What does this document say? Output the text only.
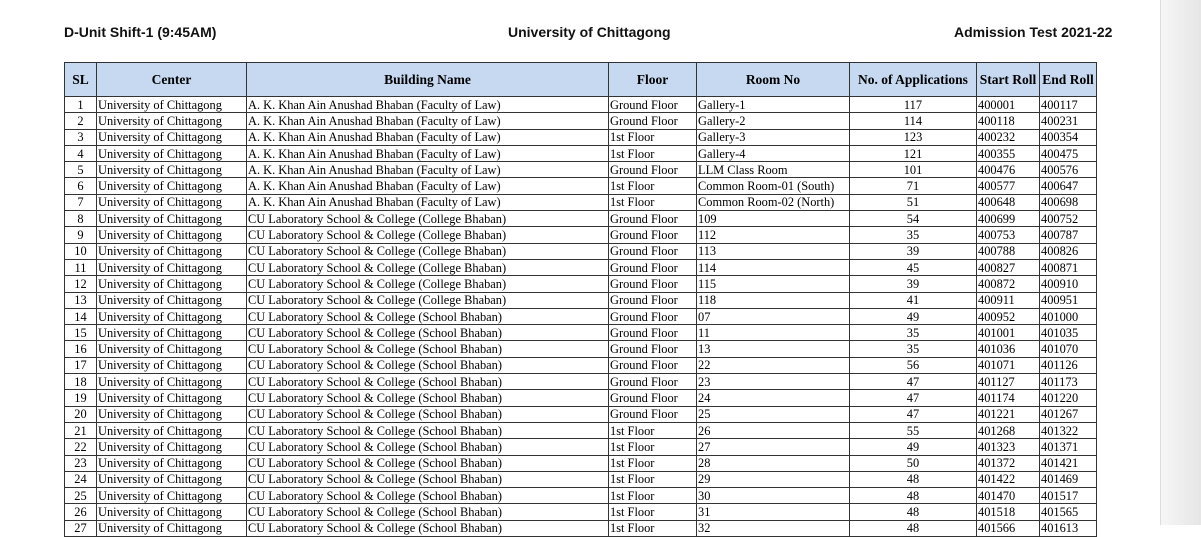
D-Unit Shift-1 (9:45AM)	University of Chittagong	Admission Test 2021-22
SL	Center	Building Name	Floor	Room No	No. of Applications	Start Roll	End Roll
1	University of Chittagong	A. K. Khan Ain Anushad Bhaban (Faculty of Law)	Ground Floor	Gallery-1	117	400001	400117
2	University of Chittagong	A. K. Khan Ain Anushad Bhaban (Faculty of Law)	Ground Floor	Gallery-2	114	400118	400231
3	University of Chittagong	A. K. Khan Ain Anushad Bhaban (Faculty of Law)	1st Floor	Gallery-3	123	400232	400354
4	University of Chittagong	A. K. Khan Ain Anushad Bhaban (Faculty of Law)	1st Floor	Gallery-4	121	400355	400475
5	University of Chittagong	A. K. Khan Ain Anushad Bhaban (Faculty of Law)	Ground Floor	LLM Class Room	101	400476	400576
6	University of Chittagong	A. K. Khan Ain Anushad Bhaban (Faculty of Law)	1st Floor	Common Room-01 (South)	71	400577	400647
7	University of Chittagong	A. K. Khan Ain Anushad Bhaban (Faculty of Law)	1st Floor	Common Room-02 (North)	51	400648	400698
8	University of Chittagong	CU Laboratory School & College (College Bhaban)	Ground Floor	109	54	400699	400752
9	University of Chittagong	CU Laboratory School & College (College Bhaban)	Ground Floor	112	35	400753	400787
10	University of Chittagong	CU Laboratory School & College (College Bhaban)	Ground Floor	113	39	400788	400826
11	University of Chittagong	CU Laboratory School & College (College Bhaban)	Ground Floor	114	45	400827	400871
12	University of Chittagong	CU Laboratory School & College (College Bhaban)	Ground Floor	115	39	400872	400910
13	University of Chittagong	CU Laboratory School & College (College Bhaban)	Ground Floor	118	41	400911	400951
14	University of Chittagong	CU Laboratory School & College (School Bhaban)	Ground Floor	07	49	400952	401000
15	University of Chittagong	CU Laboratory School & College (School Bhaban)	Ground Floor	11	35	401001	401035
16	University of Chittagong	CU Laboratory School & College (School Bhaban)	Ground Floor	13	35	401036	401070
17	University of Chittagong	CU Laboratory School & College (School Bhaban)	Ground Floor	22	56	401071	401126
18	University of Chittagong	CU Laboratory School & College (School Bhaban)	Ground Floor	23	47	401127	401173
19	University of Chittagong	CU Laboratory School & College (School Bhaban)	Ground Floor	24	47	401174	401220
20	University of Chittagong	CU Laboratory School & College (School Bhaban)	Ground Floor	25	47	401221	401267
21	University of Chittagong	CU Laboratory School & College (School Bhaban)	1st Floor	26	55	401268	401322
22	University of Chittagong	CU Laboratory School & College (School Bhaban)	1st Floor	27	49	401323	401371
23	University of Chittagong	CU Laboratory School & College (School Bhaban)	1st Floor	28	50	401372	401421
24	University of Chittagong	CU Laboratory School & College (School Bhaban)	1st Floor	29	48	401422	401469
25	University of Chittagong	CU Laboratory School & College (School Bhaban)	1st Floor	30	48	401470	401517
26	University of Chittagong	CU Laboratory School & College (School Bhaban)	1st Floor	31	48	401518	401565
27	University of Chittagong	CU Laboratory School & College (School Bhaban)	1st Floor	32	48	401566	401613
